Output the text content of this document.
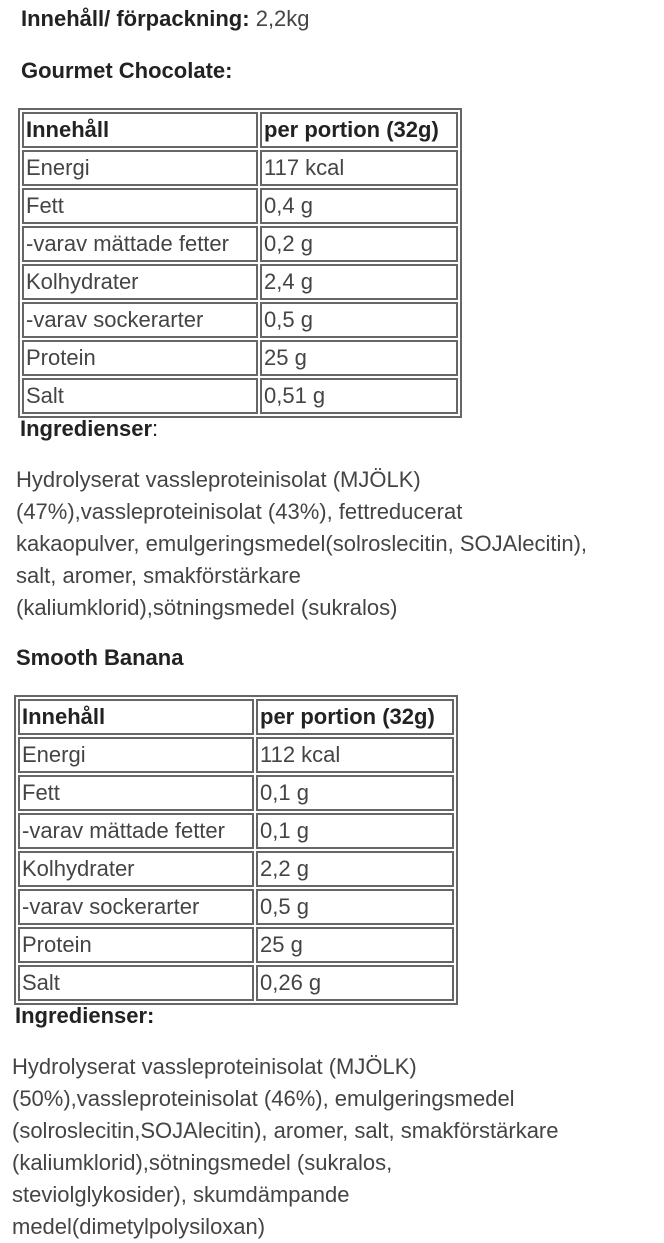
Innehåll/ förpackning: 2,2kg
Gourmet Chocolate:
Innehåll	per portion (32g)
Energi	117 kcal
Fett	0,4 g
-varav mättade fetter	0,2 g
Kolhydrater	2,4 g
-varav sockerarter	0,5 g
Protein	25 g
Salt	0,51 g
Ingredienser:
Hydrolyserat vassleproteinisolat (MJÖLK)
(47%),vassleproteinisolat (43%), fettreducerat
kakaopulver, emulgeringsmedel(solroslecitin, SOJAlecitin),
salt, aromer, smakförstärkare
(kaliumklorid),sötningsmedel (sukralos)
Smooth Banana
Innehåll	per portion (32g)
Energi	112 kcal
Fett	0,1 g
-varav mättade fetter	0,1 g
Kolhydrater	2,2 g
-varav sockerarter	0,5 g
Protein	25 g
Salt	0,26 g
Ingredienser:
Hydrolyserat vassleproteinisolat (MJÖLK)
(50%),vassleproteinisolat (46%), emulgeringsmedel
(solroslecitin,SOJAlecitin), aromer, salt, smakförstärkare
(kaliumklorid),sötningsmedel (sukralos,
steviolglykosider), skumdämpande
medel(dimetylpolysiloxan)
